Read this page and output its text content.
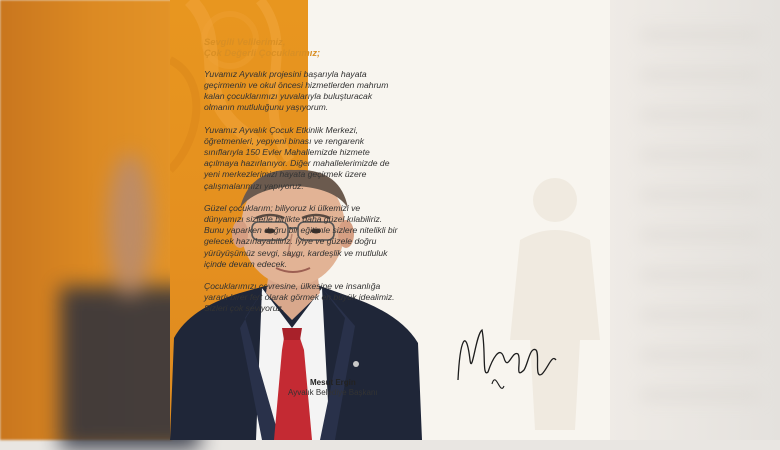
Sevgili Velilerimiz,
Çok Değerli Çocuklarımız;

Yuvamız Ayvalık projesini başarıyla hayata
geçirmenin ve okul öncesi hizmetlerden mahrum
kalan çocuklarımızı yuvalarıyla buluşturacak
olmanın mutluluğunu yaşıyorum.

Yuvamız Ayvalık Çocuk Etkinlik Merkezi,
öğretmenleri, yepyeni binası ve rengarenk
sınıflarıyla 150 Evler Mahallemizde hizmete
açılmaya hazırlanıyor. Diğer mahallelerimizde de
yeni merkezlerimizi hayata geçirmek üzere
çalışmalarımızı yapıyoruz.

Güzel çocuklarım; biliyoruz ki ülkemizi ve
dünyamızı sizlerle birlikte daha güzel kılabiliriz.
Bunu yaparken doğru bir eğitimle sizlere nitelikli bir
gelecek hazırlayabiliriz. İyiye ve güzele doğru
yürüyüşümüz sevgi, saygı, kardeşlik ve mutluluk
içinde devam edecek.

Çocuklarımızı çevresine, ülkesine ve insanlığa
yararlı birer fert olarak görmek en büyük idealimiz.
Sizleri çok seviyoruz.

Mesut Ergin
Ayvalık Belediye Başkanı
